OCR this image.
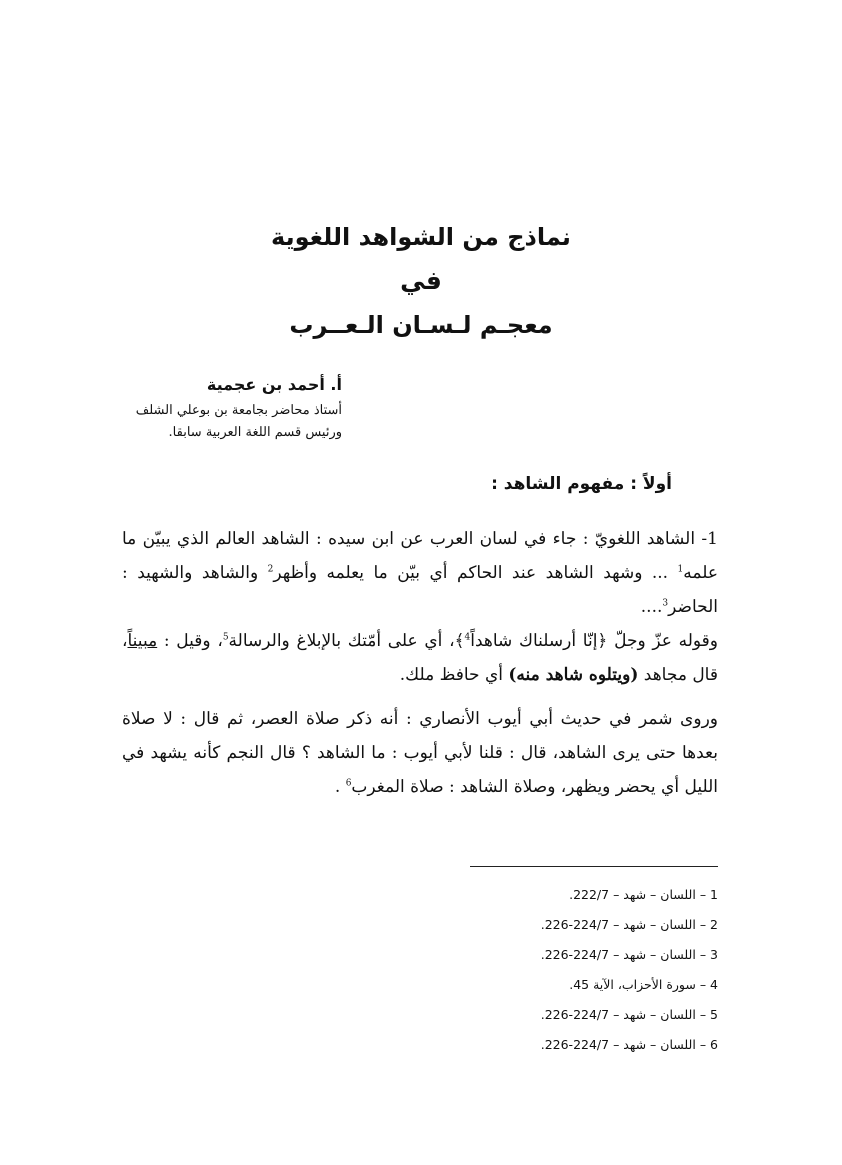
نماذج من الشواهد اللغوية
في
معجـم لـسـان الـعــرب
أ. أحمد بن عجمية
أستاذ محاضر بجامعة بن بوعلي الشلف
ورئيس قسم اللغة العربية سابقا.
أولاً : مفهوم الشاهد :

1- الشاهد اللغويّ : جاء في لسان العرب عن ابن سيده : الشاهد العالم الذي يبيّن ما علمه$^1$ ... وشهد الشاهد عند الحاكم أي بيّن ما يعلمه وأظهر$^2$ والشاهد والشهيد : الحاضر$^3$....

وقوله عزّ وجلّ ﴿إنّا أرسلناك شاهداً$^4$﴾، أي على أمّتك بالإبلاغ والرسالة$^5$، وقيل : مبيناً، قال مجاهد (ويتلوه شاهد منه) أي حافظ ملك.

وروى شمر في حديث أبي أيوب الأنصاري : أنه ذكر صلاة العصر، ثم قال : لا صلاة بعدها حتى يرى الشاهد، قال : قلنا لأبي أيوب : ما الشاهد ؟ قال النجم كأنه يشهد في الليل أي يحضر ويظهر، وصلاة الشاهد : صلاة المغرب$^6$ .

1 – اللسان – شهد – 222/7.
2 – اللسان – شهد – 224/7-226.
3 – اللسان – شهد – 224/7-226.
4 – سورة الأحزاب، الآية 45.
5 – اللسان – شهد – 224/7-226.
6 – اللسان – شهد – 224/7-226.
